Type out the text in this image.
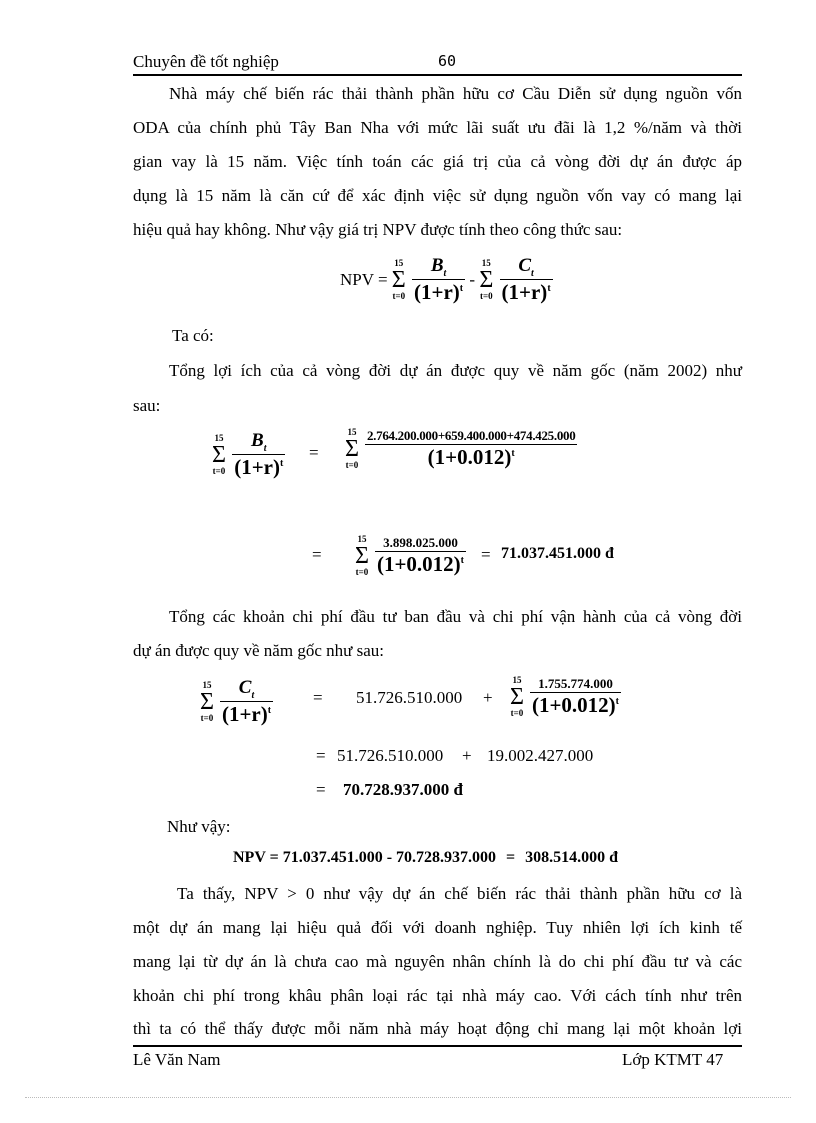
Chuyên đề tốt nghiệp	60
Nhà máy chế biến rác thải thành phần hữu cơ Cầu Diễn sử dụng nguồn vốn
ODA của chính phủ Tây Ban Nha với mức lãi suất ưu đãi là 1,2 %/năm và thời
gian vay là 15 năm. Việc tính toán các giá trị của cả vòng đời dự án được áp
dụng là 15 năm là căn cứ để xác định việc sử dụng nguồn vốn vay có mang lại
hiệu quả hay không. Như vậy giá trị NPV được tính theo công thức sau:
NPV =
15
Σ
t=0
$\frac{B_t}{(1+r)^t}$ -
15
Σ
t=0
$\frac{C_t}{(1+r)^t}$
Ta có:
Tổng lợi ích của cả vòng đời dự án được quy về năm gốc (năm 2002) như
sau:
15
Σ
t=0
$\frac{B_t}{(1+r)^t}$ =
15
Σ
t=0
$\frac{2.764.200.000+659.400.000+474.425.000}{(1+0.012)^t}$
=
15
Σ
t=0
$\frac{3.898.025.000}{(1+0.012)^t} = 71.037.451.000$ đ
Tổng các khoản chi phí đầu tư ban đầu và chi phí vận hành của cả vòng đời
dự án được quy về năm gốc như sau:
15
Σ
t=0
$\frac{C_t}{(1+r)^t} = 51.726.510.000$ +
15
Σ
t=0
$\frac{1.755.774.000}{(1+0.012)^t}$
= 51.726.510.000 + 19.002.427.000
= 70.728.937.000 đ
Như vậy:
NPV = 71.037.451.000 - 70.728.937.000 = 308.514.000 đ
Ta thấy, NPV > 0 như vậy dự án chế biến rác thải thành phần hữu cơ là
một dự án mang lại hiệu quả đối với doanh nghiệp. Tuy nhiên lợi ích kinh tế
mang lại từ dự án là chưa cao mà nguyên nhân chính là do chi phí đầu tư và các
khoản chi phí trong khâu phân loại rác tại nhà máy cao. Với cách tính như trên
thì ta có thể thấy được mỗi năm nhà máy hoạt động chỉ mang lại một khoản lợi
Lê Văn Nam	Lớp KTMT 47
